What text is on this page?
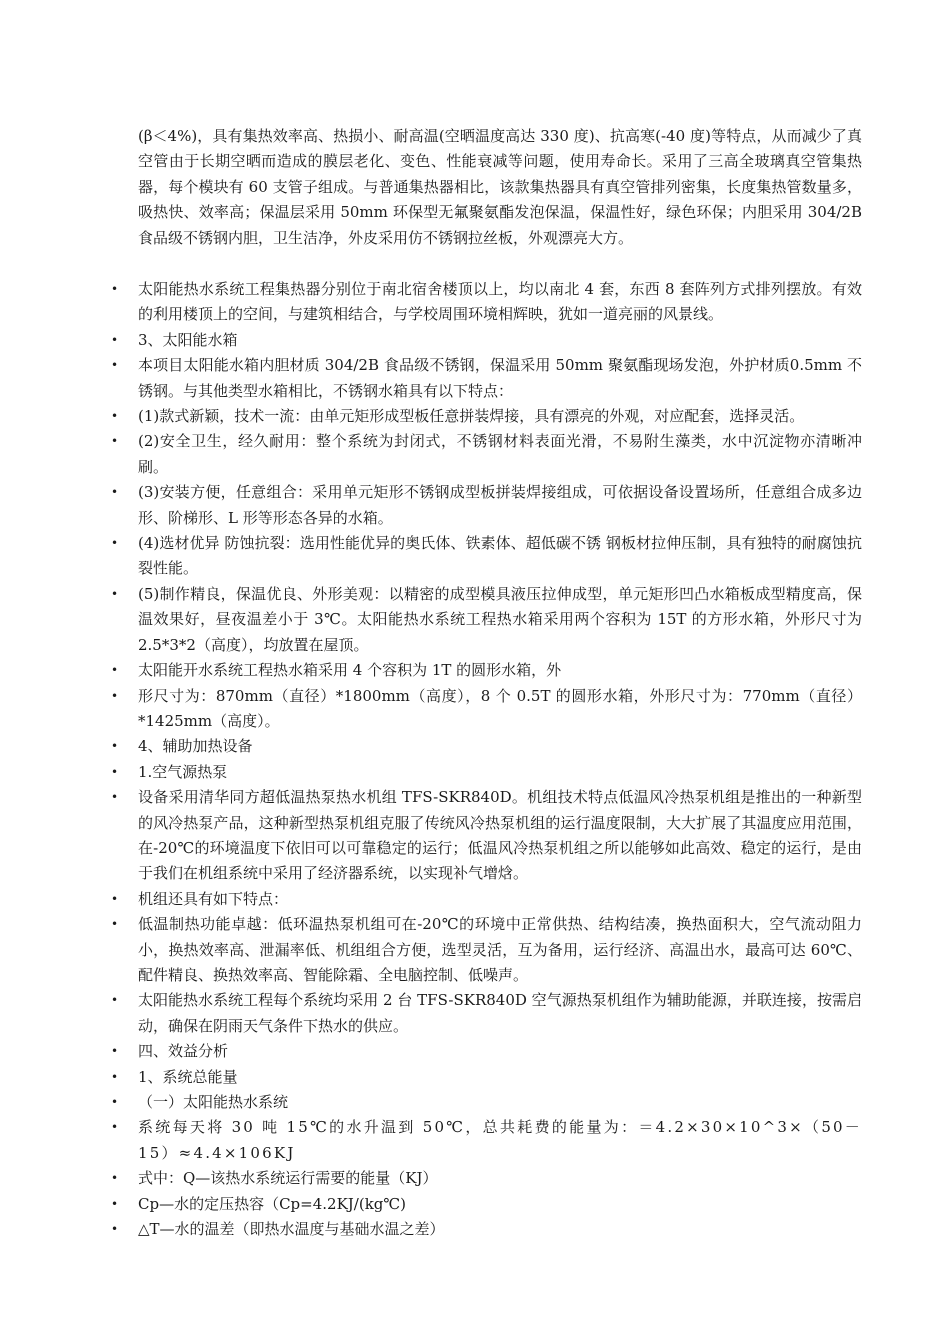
(β＜4%)，具有集热效率高、热损小、耐高温(空晒温度高达 330 度)、抗高寒(-40 度)等特点，从而减少了真空管由于长期空晒而造成的膜层老化、变色、性能衰减等问题，使用寿命长。采用了三高全玻璃真空管集热器，每个模块有 60 支管子组成。与普通集热器相比，该款集热器具有真空管排列密集，长度集热管数量多，吸热快、效率高；保温层采用 50mm 环保型无氟聚氨酯发泡保温，保温性好，绿色环保；内胆采用 304/2B 食品级不锈钢内胆，卫生洁净，外皮采用仿不锈钢拉丝板，外观漂亮大方。

• 太阳能热水系统工程集热器分别位于南北宿舍楼顶以上，均以南北 4 套，东西 8 套阵列方式排列摆放。有效的利用楼顶上的空间，与建筑相结合，与学校周围环境相辉映，犹如一道亮丽的风景线。
• 3、太阳能水箱
• 本项目太阳能水箱内胆材质 304/2B 食品级不锈钢，保温采用 50mm 聚氨酯现场发泡，外护材质0.5mm 不锈钢。与其他类型水箱相比，不锈钢水箱具有以下特点：
• (1)款式新颖，技术一流：由单元矩形成型板任意拼装焊接，具有漂亮的外观，对应配套，选择灵活。
• (2)安全卫生，经久耐用：整个系统为封闭式，不锈钢材料表面光滑，不易附生藻类，水中沉淀物亦清晰冲刷。
• (3)安装方便，任意组合：采用单元矩形不锈钢成型板拼装焊接组成，可依据设备设置场所，任意组合成多边形、阶梯形、L 形等形态各异的水箱。
• (4)选材优异 防蚀抗裂：选用性能优异的奥氏体、铁素体、超低碳不锈 钢板材拉伸压制，具有独特的耐腐蚀抗裂性能。
• (5)制作精良，保温优良、外形美观：以精密的成型模具液压拉伸成型，单元矩形凹凸水箱板成型精度高，保温效果好，昼夜温差小于 3℃。太阳能热水系统工程热水箱采用两个容积为 15T 的方形水箱，外形尺寸为 2.5*3*2（高度），均放置在屋顶。
• 太阳能开水系统工程热水箱采用 4 个容积为 1T 的圆形水箱，外
• 形尺寸为：870mm（直径）*1800mm（高度），8 个 0.5T 的圆形水箱，外形尺寸为：770mm（直径）*1425mm（高度）。
• 4、辅助加热设备
• 1.空气源热泵
• 设备采用清华同方超低温热泵热水机组 TFS-SKR840D。机组技术特点低温风冷热泵机组是推出的一种新型的风冷热泵产品，这种新型热泵机组克服了传统风冷热泵机组的运行温度限制，大大扩展了其温度应用范围，在-20℃的环境温度下依旧可以可靠稳定的运行；低温风冷热泵机组之所以能够如此高效、稳定的运行，是由于我们在机组系统中采用了经济器系统，以实现补气增焓。
• 机组还具有如下特点：
• 低温制热功能卓越：低环温热泵机组可在-20℃的环境中正常供热、结构结凑，换热面积大，空气流动阻力小，换热效率高、泄漏率低、机组组合方便，选型灵活，互为备用，运行经济、高温出水，最高可达 60℃、配件精良、换热效率高、智能除霜、全电脑控制、低噪声。
• 太阳能热水系统工程每个系统均采用 2 台 TFS-SKR840D 空气源热泵机组作为辅助能源，并联连接，按需启动，确保在阴雨天气条件下热水的供应。
• 四、效益分析
• 1、系统总能量
• （一）太阳能热水系统
• 系统每天将 30 吨 15℃的水升温到 50℃，总共耗费的能量为：＝4.2×30×10^3×（50－15）≈4.4×106KJ
• 式中：Q—该热水系统运行需要的能量（KJ）
• Cp—水的定压热容（Cp=4.2KJ/(kg℃)
• △T—水的温差（即热水温度与基础水温之差）
